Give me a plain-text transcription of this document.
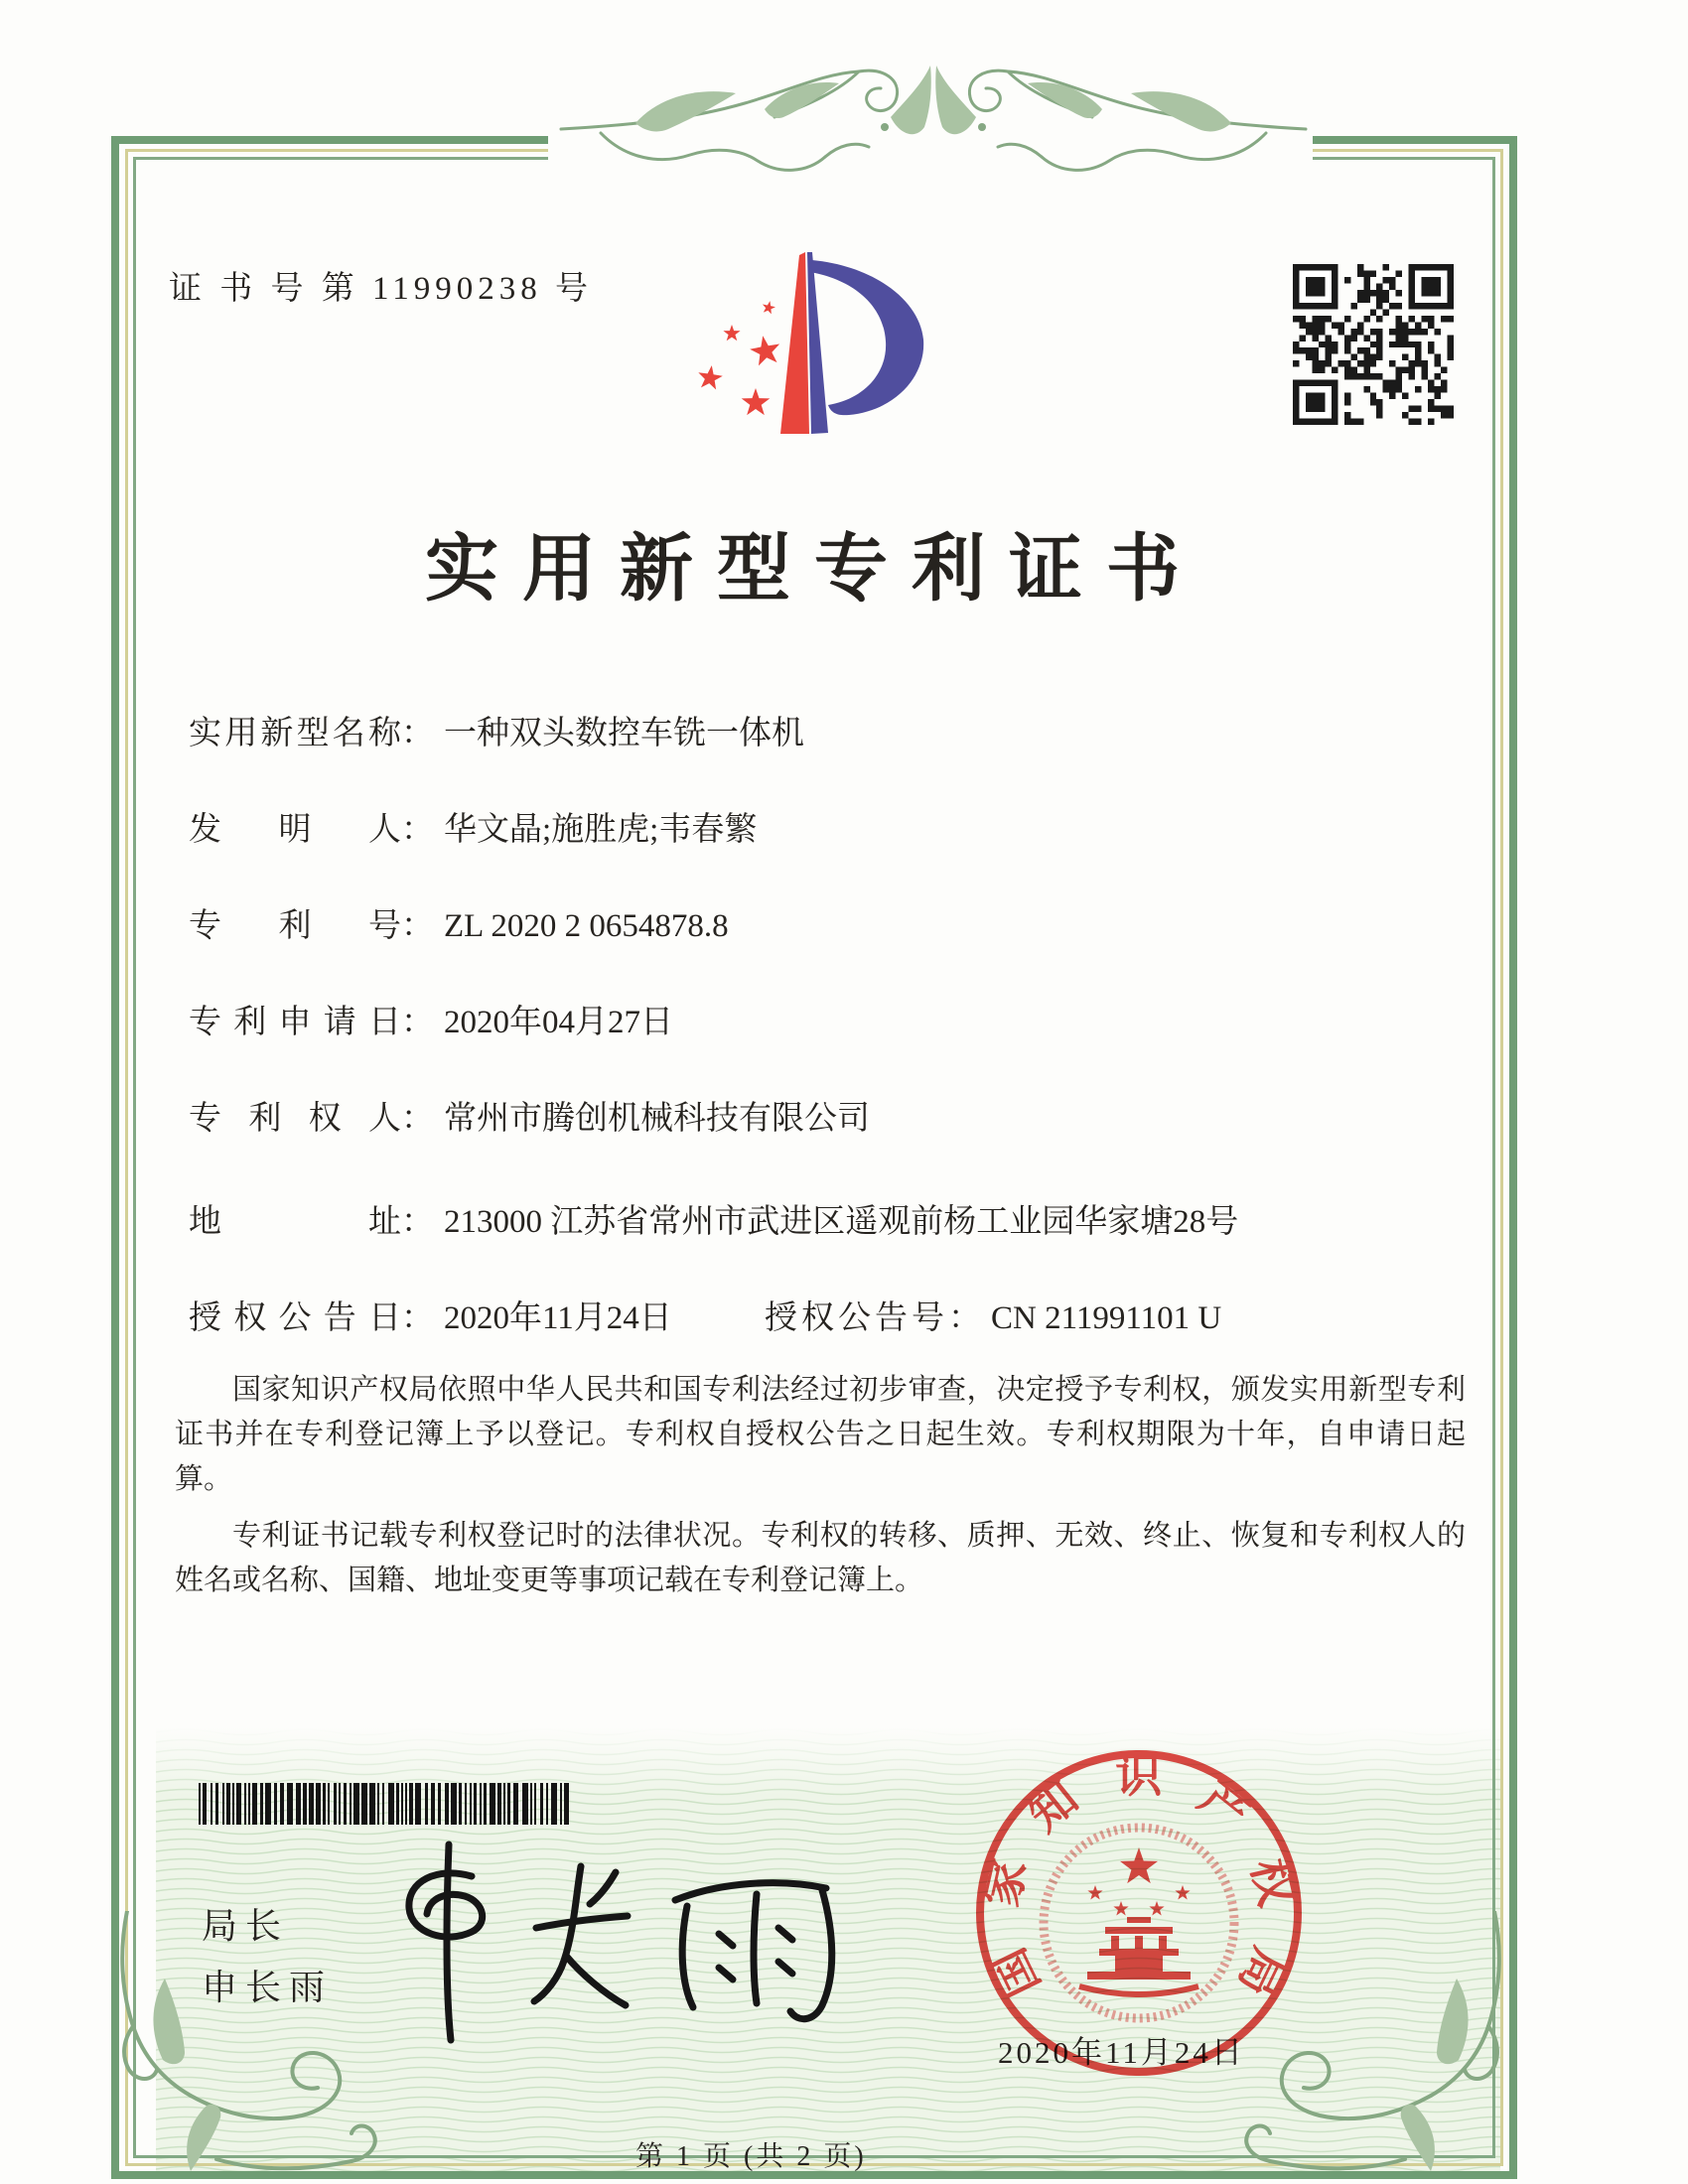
证 书 号 第 11990238 号
实用新型专利证书
实用新型名称： 一种双头数控车铣一体机
发明人： 华文晶;施胜虎;韦春繁
专利号： ZL 2020 2 0654878.8
专利申请日： 2020年04月27日
专利权人： 常州市腾创机械科技有限公司
地址： 213000 江苏省常州市武进区遥观前杨工业园华家塘28号
授权公告日： 2020年11月24日	授权公告号： CN 211991101 U

国家知识产权局依照中华人民共和国专利法经过初步审查，决定授予专利权，颁发实用新型专利证书并在专利登记簿上予以登记。专利权自授权公告之日起生效。专利权期限为十年，自申请日起算。

专利证书记载专利权登记时的法律状况。专利权的转移、质押、无效、终止、恢复和专利权人的姓名或名称、国籍、地址变更等事项记载在专利登记簿上。

局长
申长雨	国家知识产权局
2020年11月24日
第 1 页 (共 2 页)
